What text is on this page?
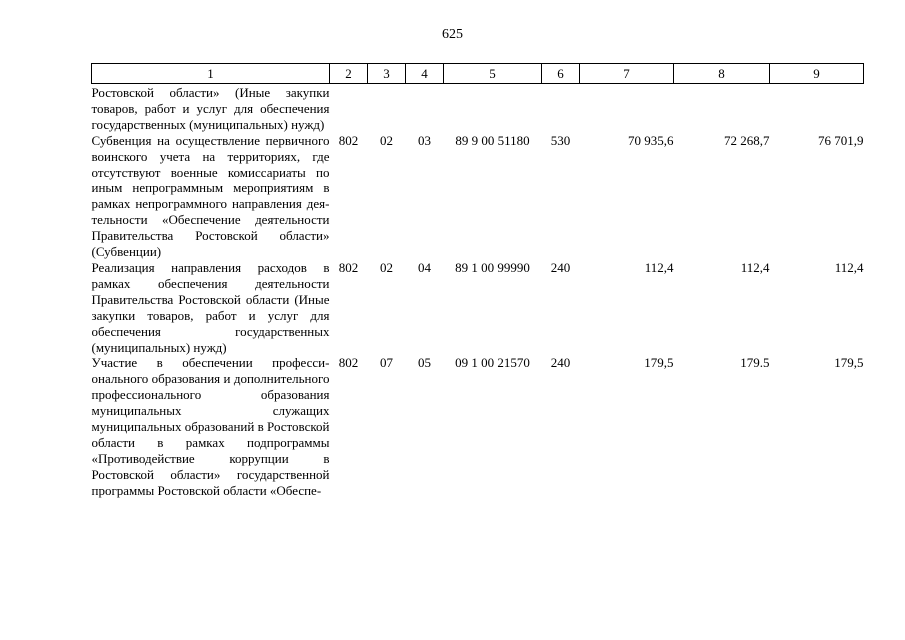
625
1	2	3	4	5	6	7	8	9
Ростовской области» (Иные закупки товаров, работ и услуг для обеспечения государственных (муниципальных) нужд)								
Субвенция на осуществление первичного воинского учета на территориях, где отсутствуют военные комиссариаты по иным непрограммным мероприятиям в рамках непрограммного направления деятельности «Обеспечение деятельности Правительства Ростовской области» (Субвенции)	802	02	03	89 9 00 51180	530	70 935,6	72 268,7	76 701,9
Реализация направления расходов в рамках обеспечения деятельности Правительства Ростовской области (Иные закупки товаров, работ и услуг для обеспечения государственных (муниципальных) нужд)	802	02	04	89 1 00 99990	240	112,4	112,4	112,4
Участие в обеспечении профессионального образования и дополнительного профессионального образования муниципальных служащих муниципальных образований в Ростовской области в рамках подпрограммы «Противодействие коррупции в Ростовской области» государственной программы Ростовской области «Обеспе-	802	07	05	09 1 00 21570	240	179,5	179.5	179,5
